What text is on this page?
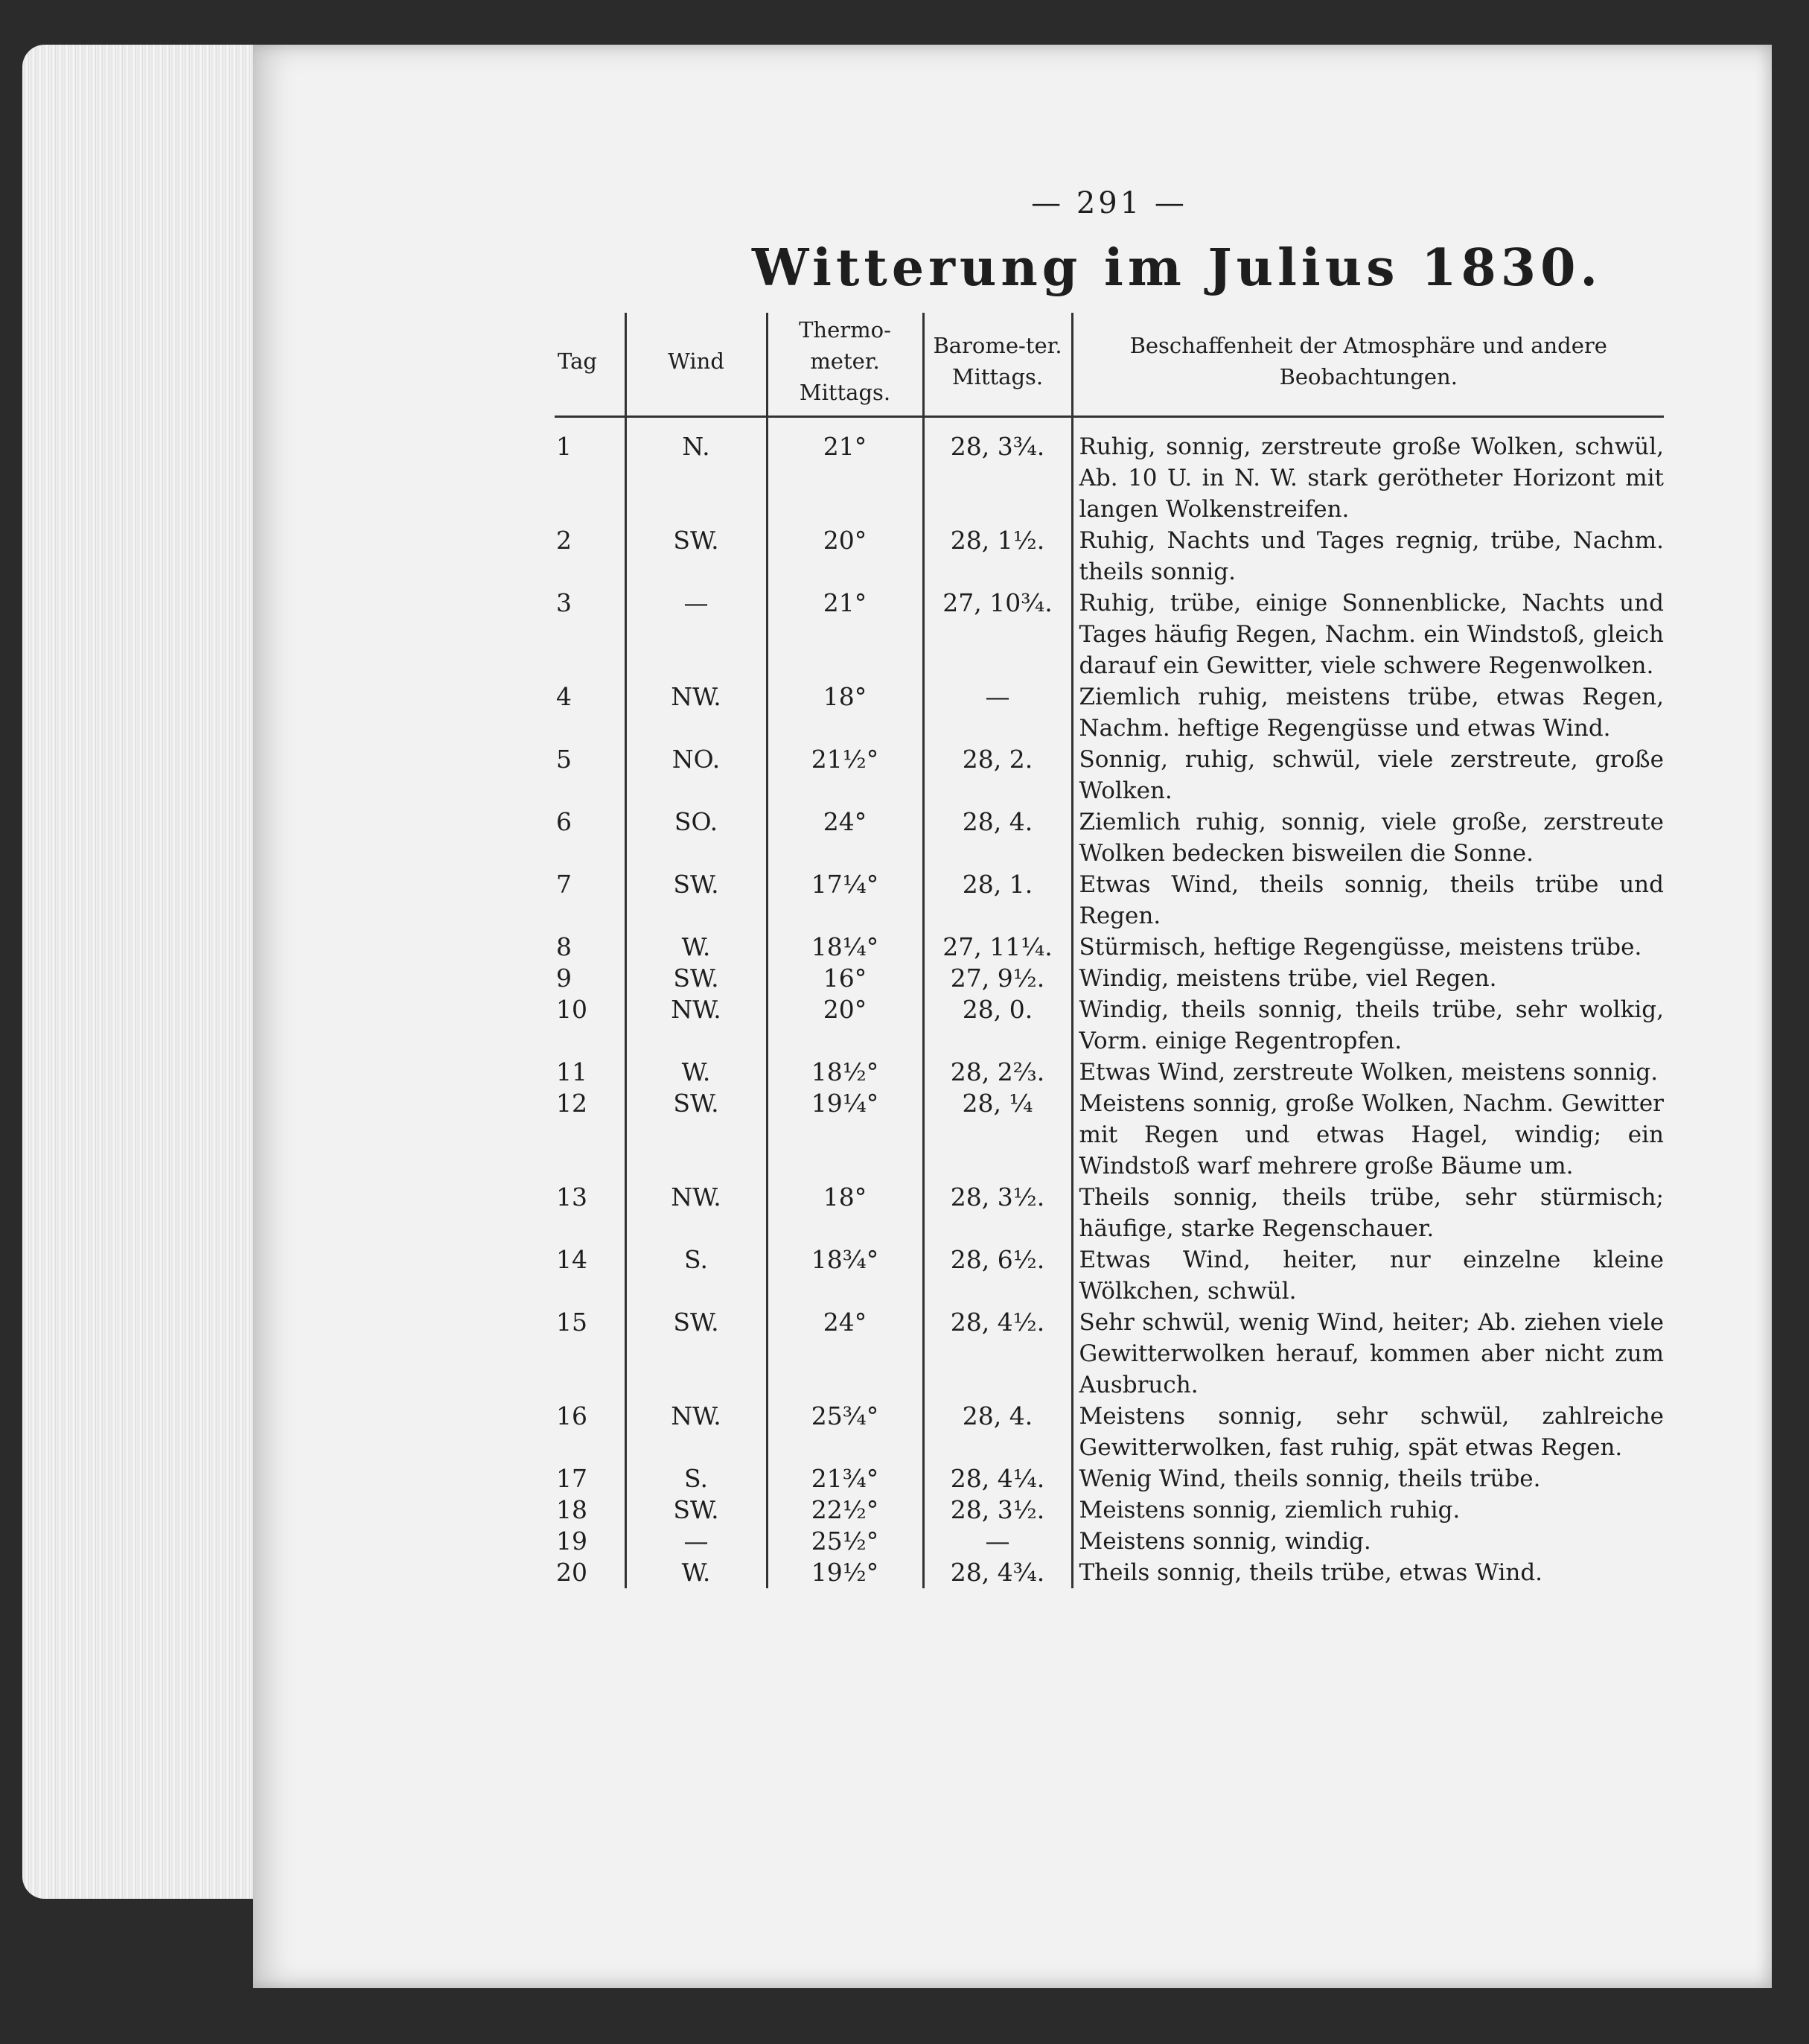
— 291 —
Witterung im Julius 1830.
Tag	Wind	Thermo-meter. Mittags.	Barome-ter. Mittags.	Beschaffenheit der Atmosphäre und andere Beobachtungen.
1	N.	21°	28, 3¾.	Ruhig, sonnig, zerstreute große Wolken, schwül, Ab. 10 U. in N. W. stark gerötheter Horizont mit langen Wolkenstreifen.
2	SW.	20°	28, 1½.	Ruhig, Nachts und Tages regnig, trübe, Nachm. theils sonnig.
3	—	21°	27, 10¾.	Ruhig, trübe, einige Sonnenblicke, Nachts und Tages häufig Regen, Nachm. ein Windstoß, gleich darauf ein Gewitter, viele schwere Regenwolken.
4	NW.	18°	—	Ziemlich ruhig, meistens trübe, etwas Regen, Nachm. heftige Regengüsse und etwas Wind.
5	NO.	21½°	28, 2.	Sonnig, ruhig, schwül, viele zerstreute, große Wolken.
6	SO.	24°	28, 4.	Ziemlich ruhig, sonnig, viele große, zerstreute Wolken bedecken bisweilen die Sonne.
7	SW.	17¼°	28, 1.	Etwas Wind, theils sonnig, theils trübe und Regen.
8	W.	18¼°	27, 11¼.	Stürmisch, heftige Regengüsse, meistens trübe.
9	SW.	16°	27, 9½.	Windig, meistens trübe, viel Regen.
10	NW.	20°	28, 0.	Windig, theils sonnig, theils trübe, sehr wolkig, Vorm. einige Regentropfen.
11	W.	18½°	28, 2⅔.	Etwas Wind, zerstreute Wolken, meistens sonnig.
12	SW.	19¼°	28, ¼	Meistens sonnig, große Wolken, Nachm. Gewitter mit Regen und etwas Hagel, windig; ein Windstoß warf mehrere große Bäume um.
13	NW.	18°	28, 3½.	Theils sonnig, theils trübe, sehr stürmisch; häufige, starke Regenschauer.
14	S.	18¾°	28, 6½.	Etwas Wind, heiter, nur einzelne kleine Wölkchen, schwül.
15	SW.	24°	28, 4½.	Sehr schwül, wenig Wind, heiter; Ab. ziehen viele Gewitterwolken herauf, kommen aber nicht zum Ausbruch.
16	NW.	25¾°	28, 4.	Meistens sonnig, sehr schwül, zahlreiche Gewitterwolken, fast ruhig, spät etwas Regen.
17	S.	21¾°	28, 4¼.	Wenig Wind, theils sonnig, theils trübe.
18	SW.	22½°	28, 3½.	Meistens sonnig, ziemlich ruhig.
19	—	25½°	—	Meistens sonnig, windig.
20	W.	19½°	28, 4¾.	Theils sonnig, theils trübe, etwas Wind.
